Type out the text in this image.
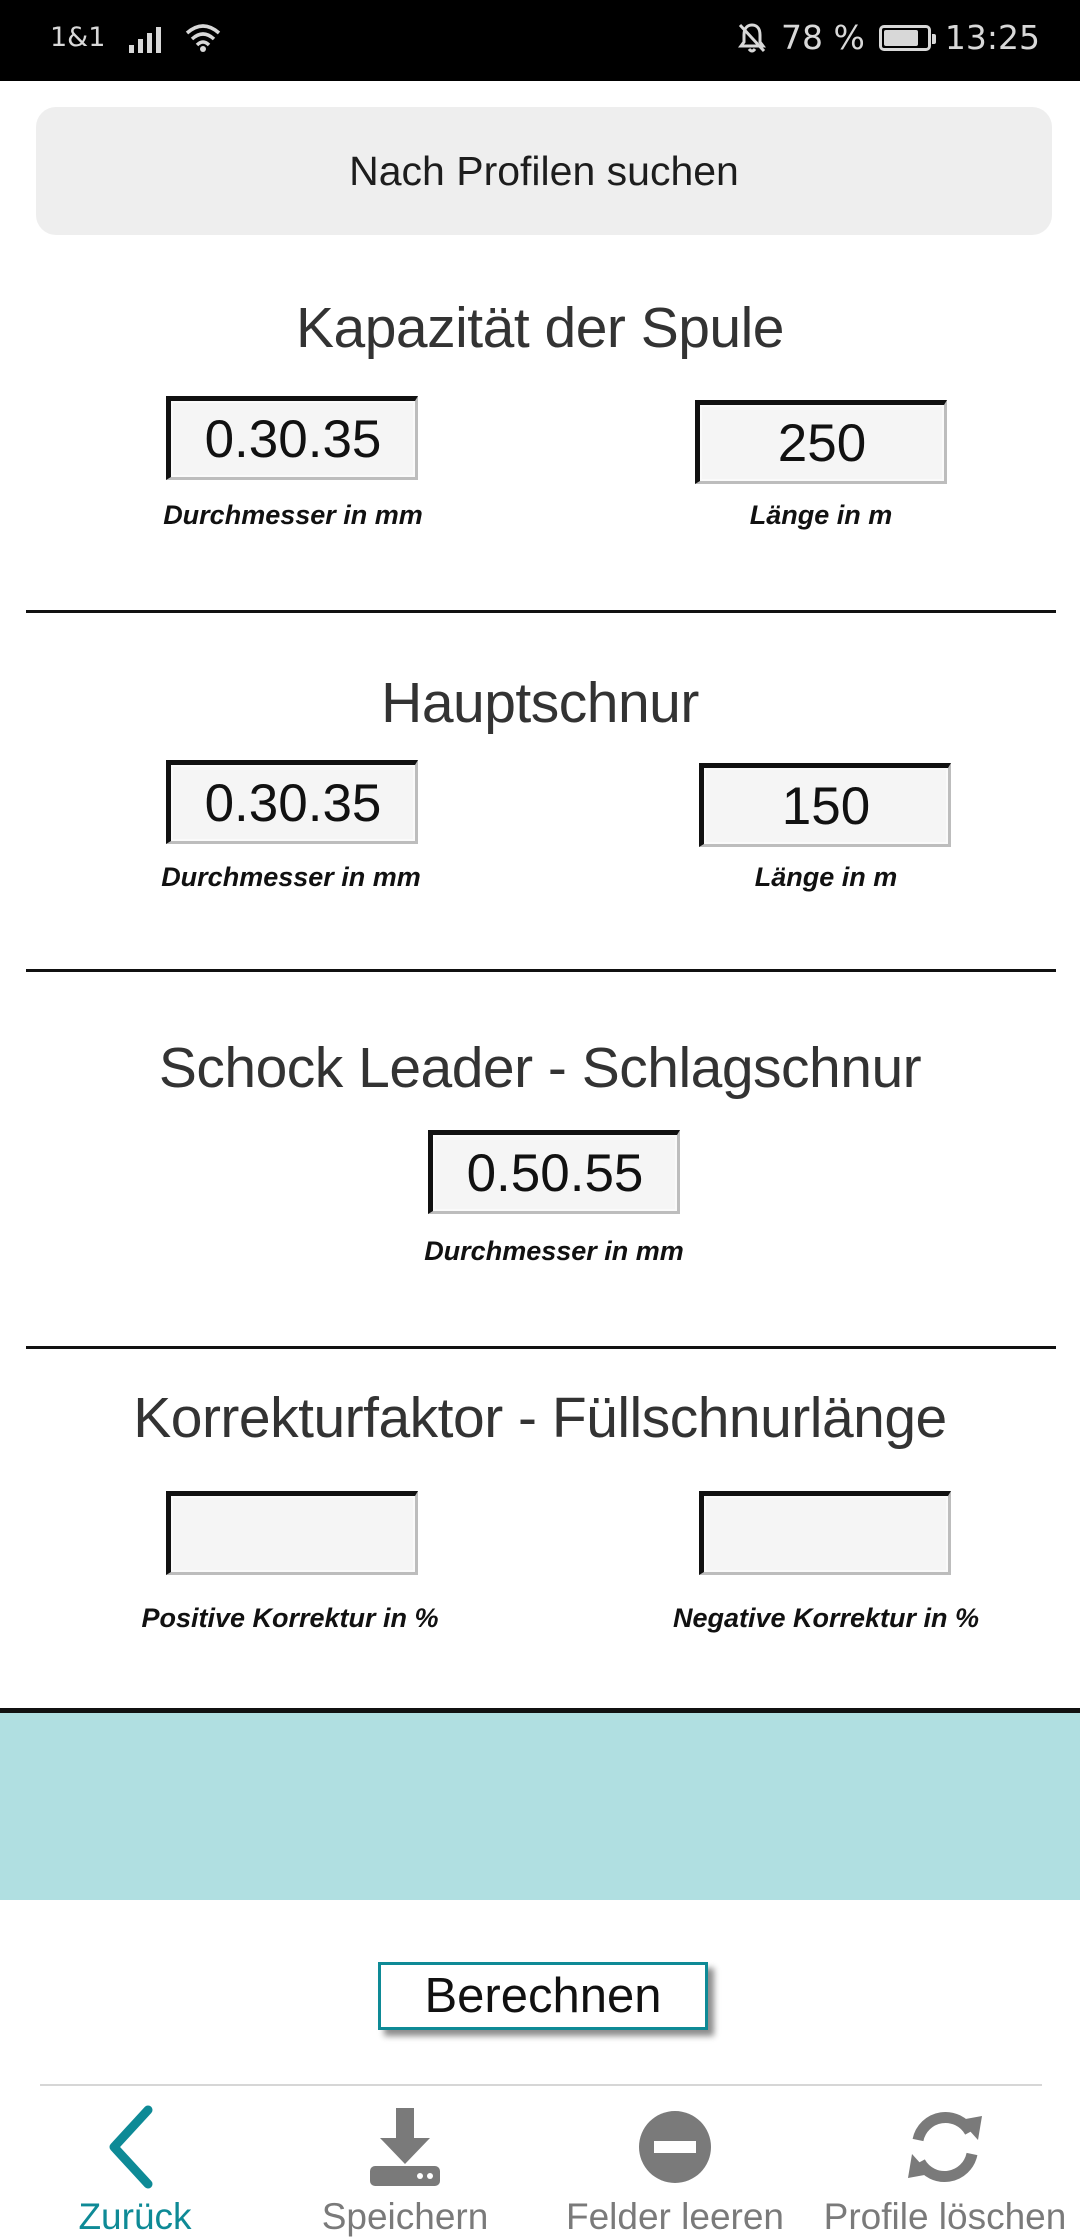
1&1	78 % 13:25
Nach Profilen suchen
Kapazität der Spule
0.30.35
Durchmesser in mm
250
Länge in m
Hauptschnur
0.30.35
Durchmesser in mm
150
Länge in m
Schock Leader - Schlagschnur
0.50.55
Durchmesser in mm
Korrekturfaktor - Füllschnurlänge
Positive Korrektur in %	Negative Korrektur in %
Berechnen
Zurück	Speichern Felder leeren Profile löschen
